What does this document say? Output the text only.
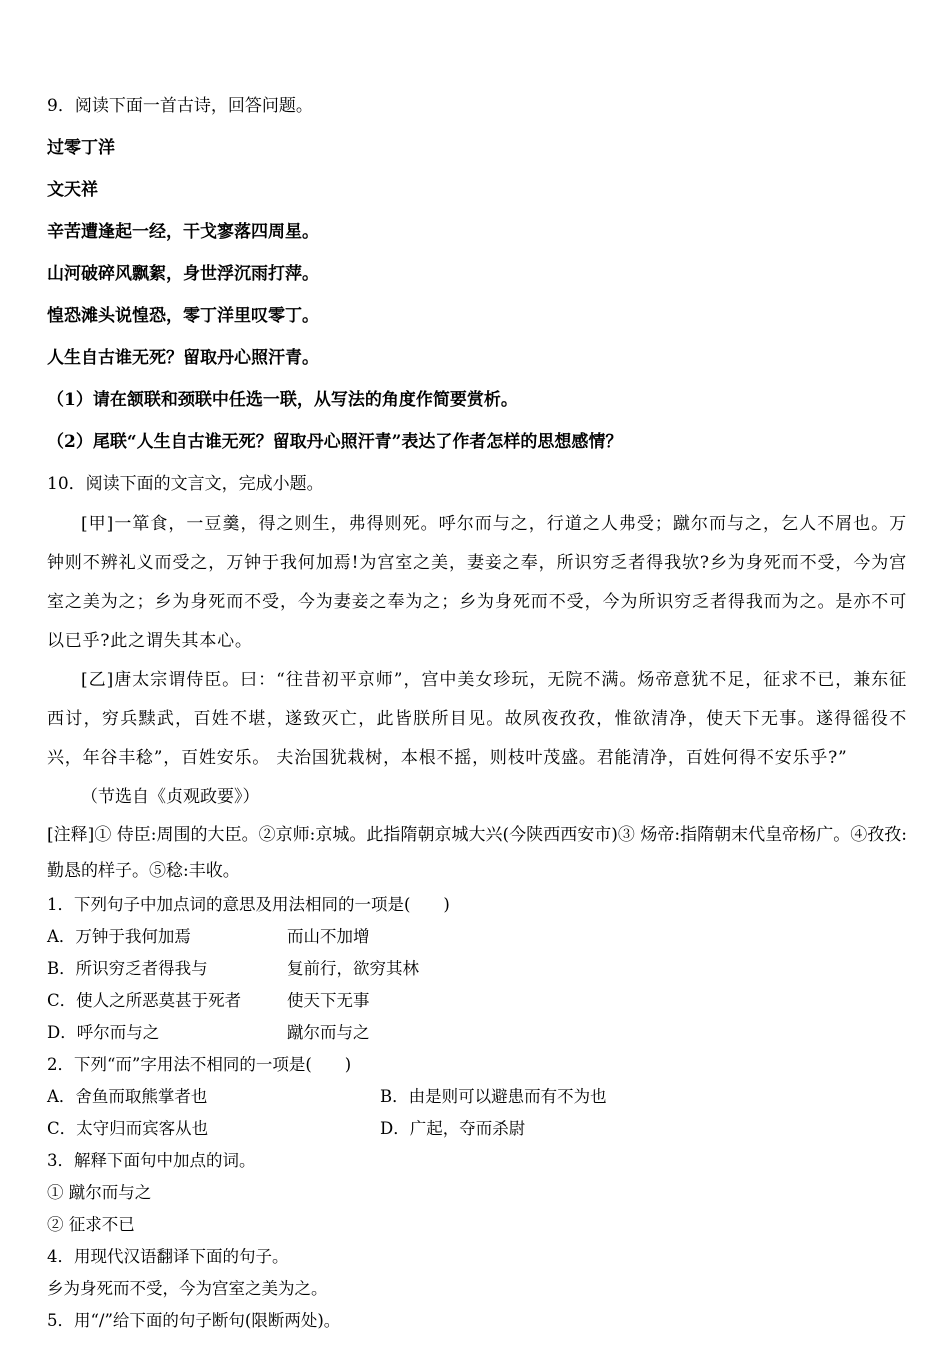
9．阅读下面一首古诗，回答问题。

过零丁洋

文天祥

辛苦遭逢起一经，干戈寥落四周星。

山河破碎风飘絮，身世浮沉雨打萍。

惶恐滩头说惶恐，零丁洋里叹零丁。

人生自古谁无死？留取丹心照汗青。

（1）请在颔联和颈联中任选一联，从写法的角度作简要赏析。

（2）尾联“人生自古谁无死？留取丹心照汗青”表达了作者怎样的思想感情？

10．阅读下面的文言文，完成小题。

[甲]一箪食，一豆羹，得之则生，弗得则死。呼尔而与之，行道之人弗受；蹴尔而与之，乞人不屑也。万钟则不辨礼义而受之，万钟于我何加焉!为宫室之美，妻妾之奉，所识穷乏者得我欤?乡为身死而不受，今为宫室之美为之；乡为身死而不受，今为妻妾之奉为之；乡为身死而不受，今为所识穷乏者得我而为之。是亦不可以已乎?此之谓失其本心。

[乙]唐太宗谓侍臣。曰：“往昔初平京师”，宫中美女珍玩，无院不满。炀帝意犹不足，征求不已，兼东征西讨，穷兵黩武，百姓不堪，遂致灭亡，此皆朕所目见。故夙夜孜孜，惟欲清净，使天下无事。遂得徭役不兴，年谷丰稔”，百姓安乐。 夫治国犹栽树，本根不摇，则枝叶茂盛。君能清净，百姓何得不安乐乎?”

（节选自《贞观政要》）

[注释]① 侍臣:周围的大臣。②京师:京城。此指隋朝京城大兴(今陕西西安市)③ 炀帝:指隋朝末代皇帝杨广。④孜孜:勤恳的样子。⑤稔:丰收。

1．下列句子中加点词的意思及用法相同的一项是(　　)

A．万钟于我何加焉	而山不加增
B．所识穷乏者得我与	复前行，欲穷其林
C．使人之所恶莫甚于死者	使天下无事
D．呼尔而与之	蹴尔而与之

2．下列“而”字用法不相同的一项是(　　)

A．舍鱼而取熊掌者也	B．由是则可以避患而有不为也
C．太守归而宾客从也	D．广起，夺而杀尉

3．解释下面句中加点的词。

① 蹴尔而与之

② 征求不已

4．用现代汉语翻译下面的句子。

乡为身死而不受，今为宫室之美为之。

5．用“/”给下面的句子断句(限断两处)。
